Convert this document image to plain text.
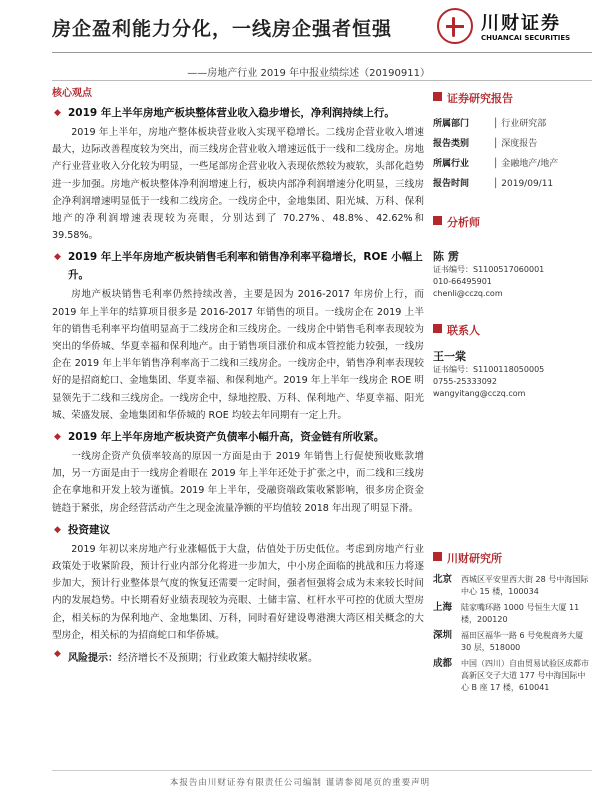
房企盈利能力分化，一线房企强者恒强	川财证券
CHUANCAI SECURITIES
——房地产行业 2019 年中报业绩综述（20190911）
核心观点
◆ 2019 年上半年房地产板块整体营业收入稳步增长，净利润持续上行。
2019 年上半年，房地产整体板块营业收入实现平稳增长。二线房企营业收入增速最大，边际改善程度较为突出，而三线房企营业收入增速远低于一线和二线房企。房地产行业营业收入分化较为明显，一些尾部房企营业收入表现依然较为疲软，头部化趋势进一步加强。房地产板块整体净利润增速上行，板块内部净利润增速分化明显，三线房企净利润增速明显低于一线和二线房企。一线房企中，金地集团、阳光城、万科、保利地产的净利润增速表现较为亮眼，分别达到了 70.27%、48.8%、42.62%和 39.58%。
◆ 2019 年上半年房地产板块销售毛利率和销售净利率平稳增长，ROE 小幅上升。
房地产板块销售毛利率仍然持续改善，主要是因为 2016-2017 年房价上行，而 2019 年上半年的结算项目很多是 2016-2017 年销售的项目。一线房企在 2019 上半年的销售毛利率平均值明显高于二线房企和三线房企。一线房企中销售毛利率表现较为突出的华侨城、华夏幸福和保利地产。由于销售项目涨价和成本管控能力较强，一线房企在 2019 年上半年销售净利率高于二线和三线房企。一线房企中，销售净利率表现较好的是招商蛇口、金地集团、华夏幸福、和保利地产。2019 年上半年一线房企 ROE 明显领先于二线和三线房企。一线房企中，绿地控股、万科、保利地产、华夏幸福、阳光城、荣盛发展、金地集团和华侨城的 ROE 均较去年同期有一定上升。
◆ 2019 年上半年房地产板块资产负债率小幅升高，资金链有所收紧。
一线房企资产负债率较高的原因一方面是由于 2019 年销售上行促使预收账款增加，另一方面是由于一线房企着眼在 2019 年上半年还处于扩张之中，而二线和三线房企在拿地和开发上较为谨慎。2019 年上半年，受融资端政策收紧影响，很多房企资金链趋于紧张，房企经营活动产生之现金流量净额的平均值较 2018 年出现了明显下滑。
◆ 投资建议
2019 年初以来房地产行业涨幅低于大盘，估值处于历史低位。考虑到房地产行业政策处于收紧阶段，预计行业内部分化将进一步加大，中小房企面临的挑战和压力将逐步加大，预计行业整体景气度的恢复还需要一定时间，强者恒强将会成为未来较长时间内的发展趋势。中长期看好业绩表现较为亮眼、土储丰富、杠杆水平可控的优质大型房企，相关标的为保利地产、金地集团、万科，同时看好建设粤港澳大湾区相关概念的大型房企，相关标的为招商蛇口和华侨城。
◆ 风险提示：经济增长不及预期；行业政策大幅持续收紧。
证券研究报告
所属部门	│ 行业研究部
报告类别	│ 深度报告
所属行业	│ 金融地产/地产
报告时间	│ 2019/09/11
分析师
陈 雳
证书编号：S1100517060001
010-66495901
chenli@cczq.com
联系人
王一棠
证书编号：S1100118050005
0755-25333092
wangyitang@cczq.com
川财研究所
北京	西城区平安里西大街 28 号中海国际中心 15 楼，100034
上海	陆家嘴环路 1000 号恒生大厦 11 楼，200120
深圳	福田区福华一路 6 号免税商务大厦 30 层，518000
成都	中国（四川）自由贸易试验区成都市高新区交子大道 177 号中海国际中心 B 座 17 楼，610041
本报告由川财证券有限责任公司编制 谨请参阅尾页的重要声明
